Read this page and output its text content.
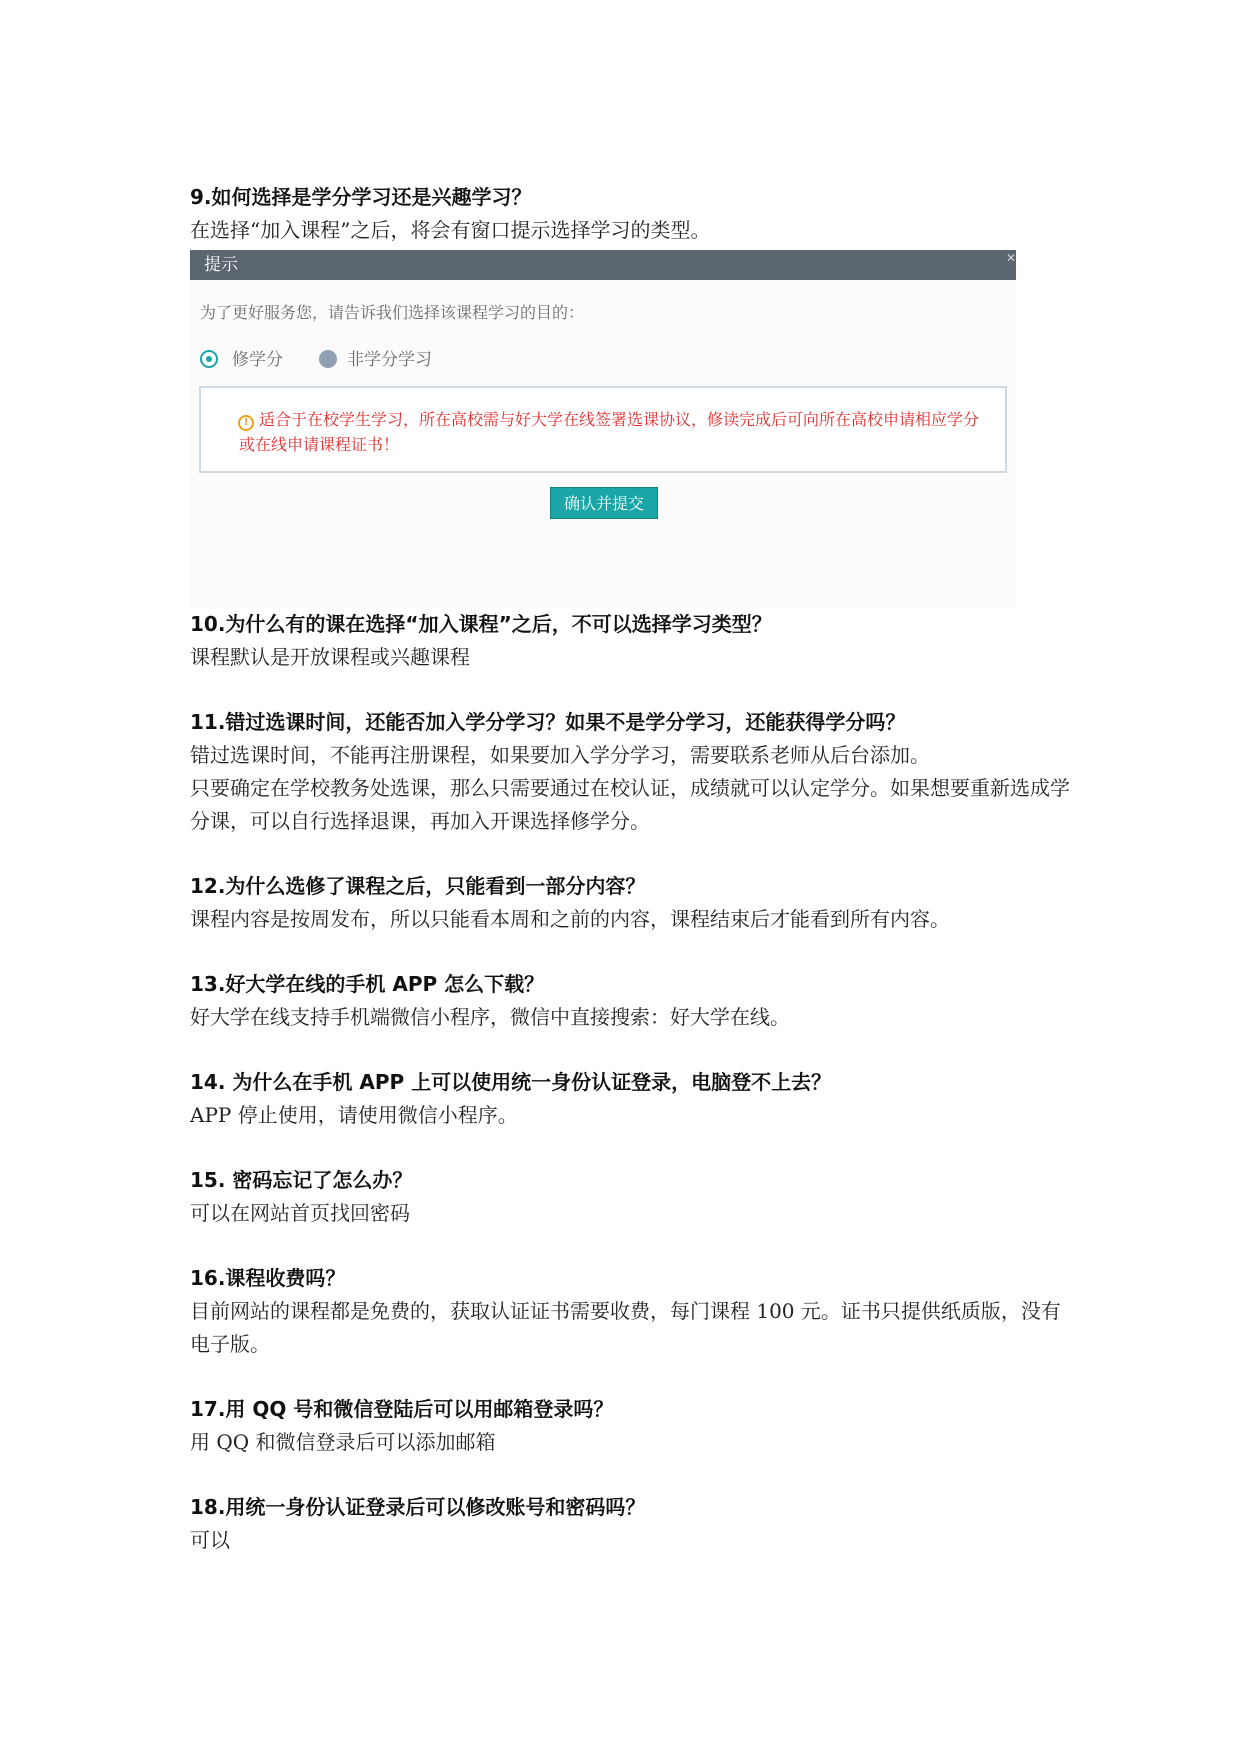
9.如何选择是学分学习还是兴趣学习？
在选择“加入课程”之后，将会有窗口提示选择学习的类型。
提示	✕
为了更好服务您，请告诉我们选择该课程学习的目的：
修学分	非学分学习
! 适合于在校学生学习，所在高校需与好大学在线签署选课协议，修读完成后可向所在高校申请相应学分或在线申请课程证书！
确认并提交
10.为什么有的课在选择“加入课程”之后，不可以选择学习类型？
课程默认是开放课程或兴趣课程
11.错过选课时间，还能否加入学分学习？如果不是学分学习，还能获得学分吗？
错过选课时间，不能再注册课程，如果要加入学分学习，需要联系老师从后台添加。
只要确定在学校教务处选课，那么只需要通过在校认证，成绩就可以认定学分。如果想要重新选成学分课，可以自行选择退课，再加入开课选择修学分。
12.为什么选修了课程之后，只能看到一部分内容？
课程内容是按周发布，所以只能看本周和之前的内容，课程结束后才能看到所有内容。
13.好大学在线的手机 APP 怎么下载？
好大学在线支持手机端微信小程序，微信中直接搜索：好大学在线。
14. 为什么在手机 APP 上可以使用统一身份认证登录，电脑登不上去？
APP 停止使用，请使用微信小程序。
15. 密码忘记了怎么办？
可以在网站首页找回密码
16.课程收费吗？
目前网站的课程都是免费的，获取认证证书需要收费，每门课程 100 元。证书只提供纸质版，没有电子版。
17.用 QQ 号和微信登陆后可以用邮箱登录吗？
用 QQ 和微信登录后可以添加邮箱
18.用统一身份认证登录后可以修改账号和密码吗？
可以
